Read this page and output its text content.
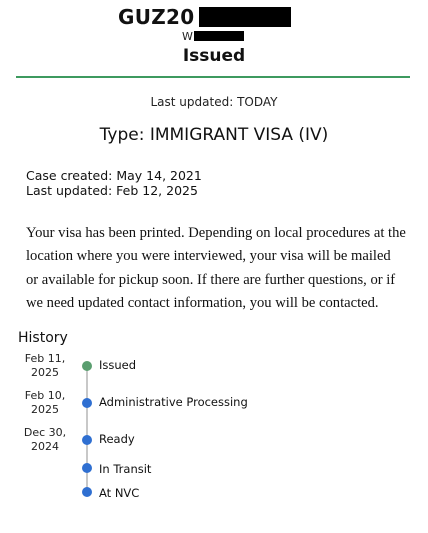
GUZ20
W
Issued
Last updated: TODAY
Type: IMMIGRANT VISA (IV)
Case created: May 14, 2021
Last updated: Feb 12, 2025

Your visa has been printed. Depending on local procedures at the location where you were interviewed, your visa will be mailed or available for pickup soon. If there are further questions, or if we need updated contact information, you will be contacted.

History
Feb 11,
2025
Issued
Feb 10,
2025
Administrative Processing
Dec 30,
2024
Ready
In Transit
At NVC
